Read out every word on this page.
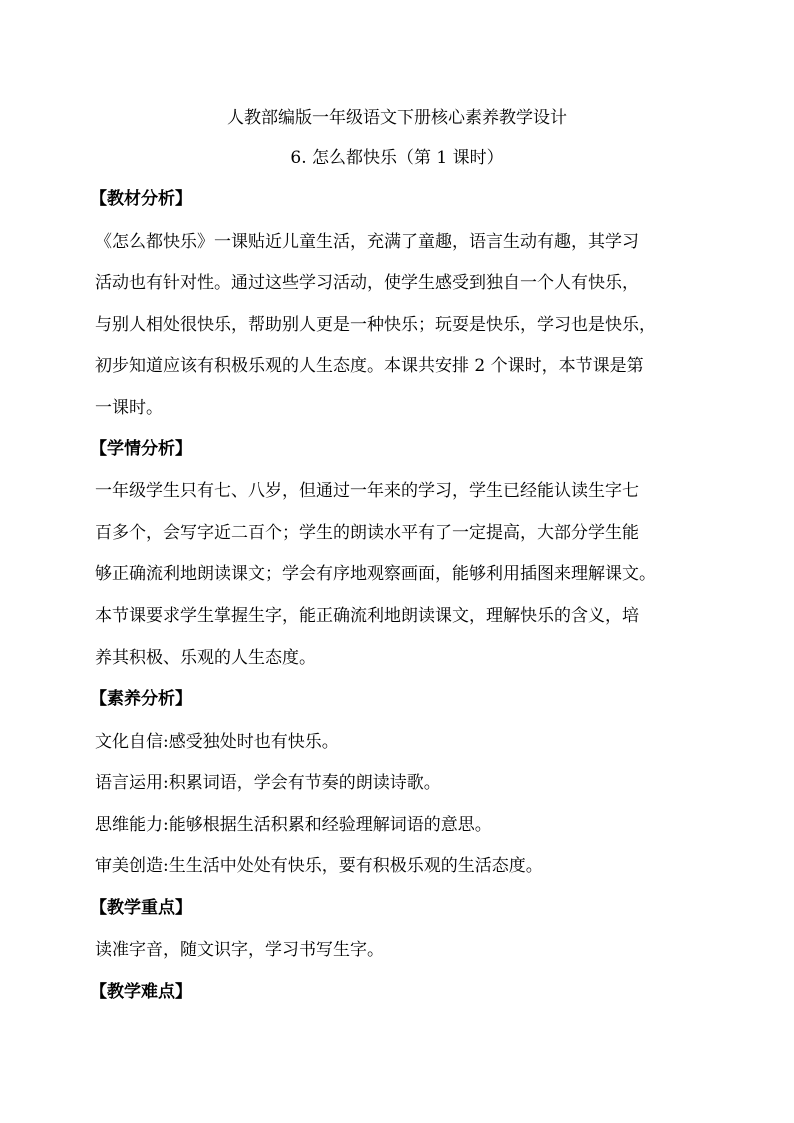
人教部编版一年级语文下册核心素养教学设计
6. 怎么都快乐（第 1 课时）
【教材分析】
《怎么都快乐》一课贴近儿童生活，充满了童趣，语言生动有趣，其学习
活动也有针对性。通过这些学习活动，使学生感受到独自一个人有快乐，
与别人相处很快乐，帮助别人更是一种快乐；玩耍是快乐，学习也是快乐，
初步知道应该有积极乐观的人生态度。本课共安排 2 个课时，本节课是第
一课时。
【学情分析】
一年级学生只有七、八岁，但通过一年来的学习，学生已经能认读生字七
百多个，会写字近二百个；学生的朗读水平有了一定提高，大部分学生能
够正确流利地朗读课文；学会有序地观察画面，能够利用插图来理解课文。
本节课要求学生掌握生字，能正确流利地朗读课文，理解快乐的含义，培
养其积极、乐观的人生态度。
【素养分析】
文化自信:感受独处时也有快乐。
语言运用:积累词语，学会有节奏的朗读诗歌。
思维能力:能够根据生活积累和经验理解词语的意思。
审美创造:生生活中处处有快乐，要有积极乐观的生活态度。
【教学重点】
读准字音，随文识字，学习书写生字。
【教学难点】
